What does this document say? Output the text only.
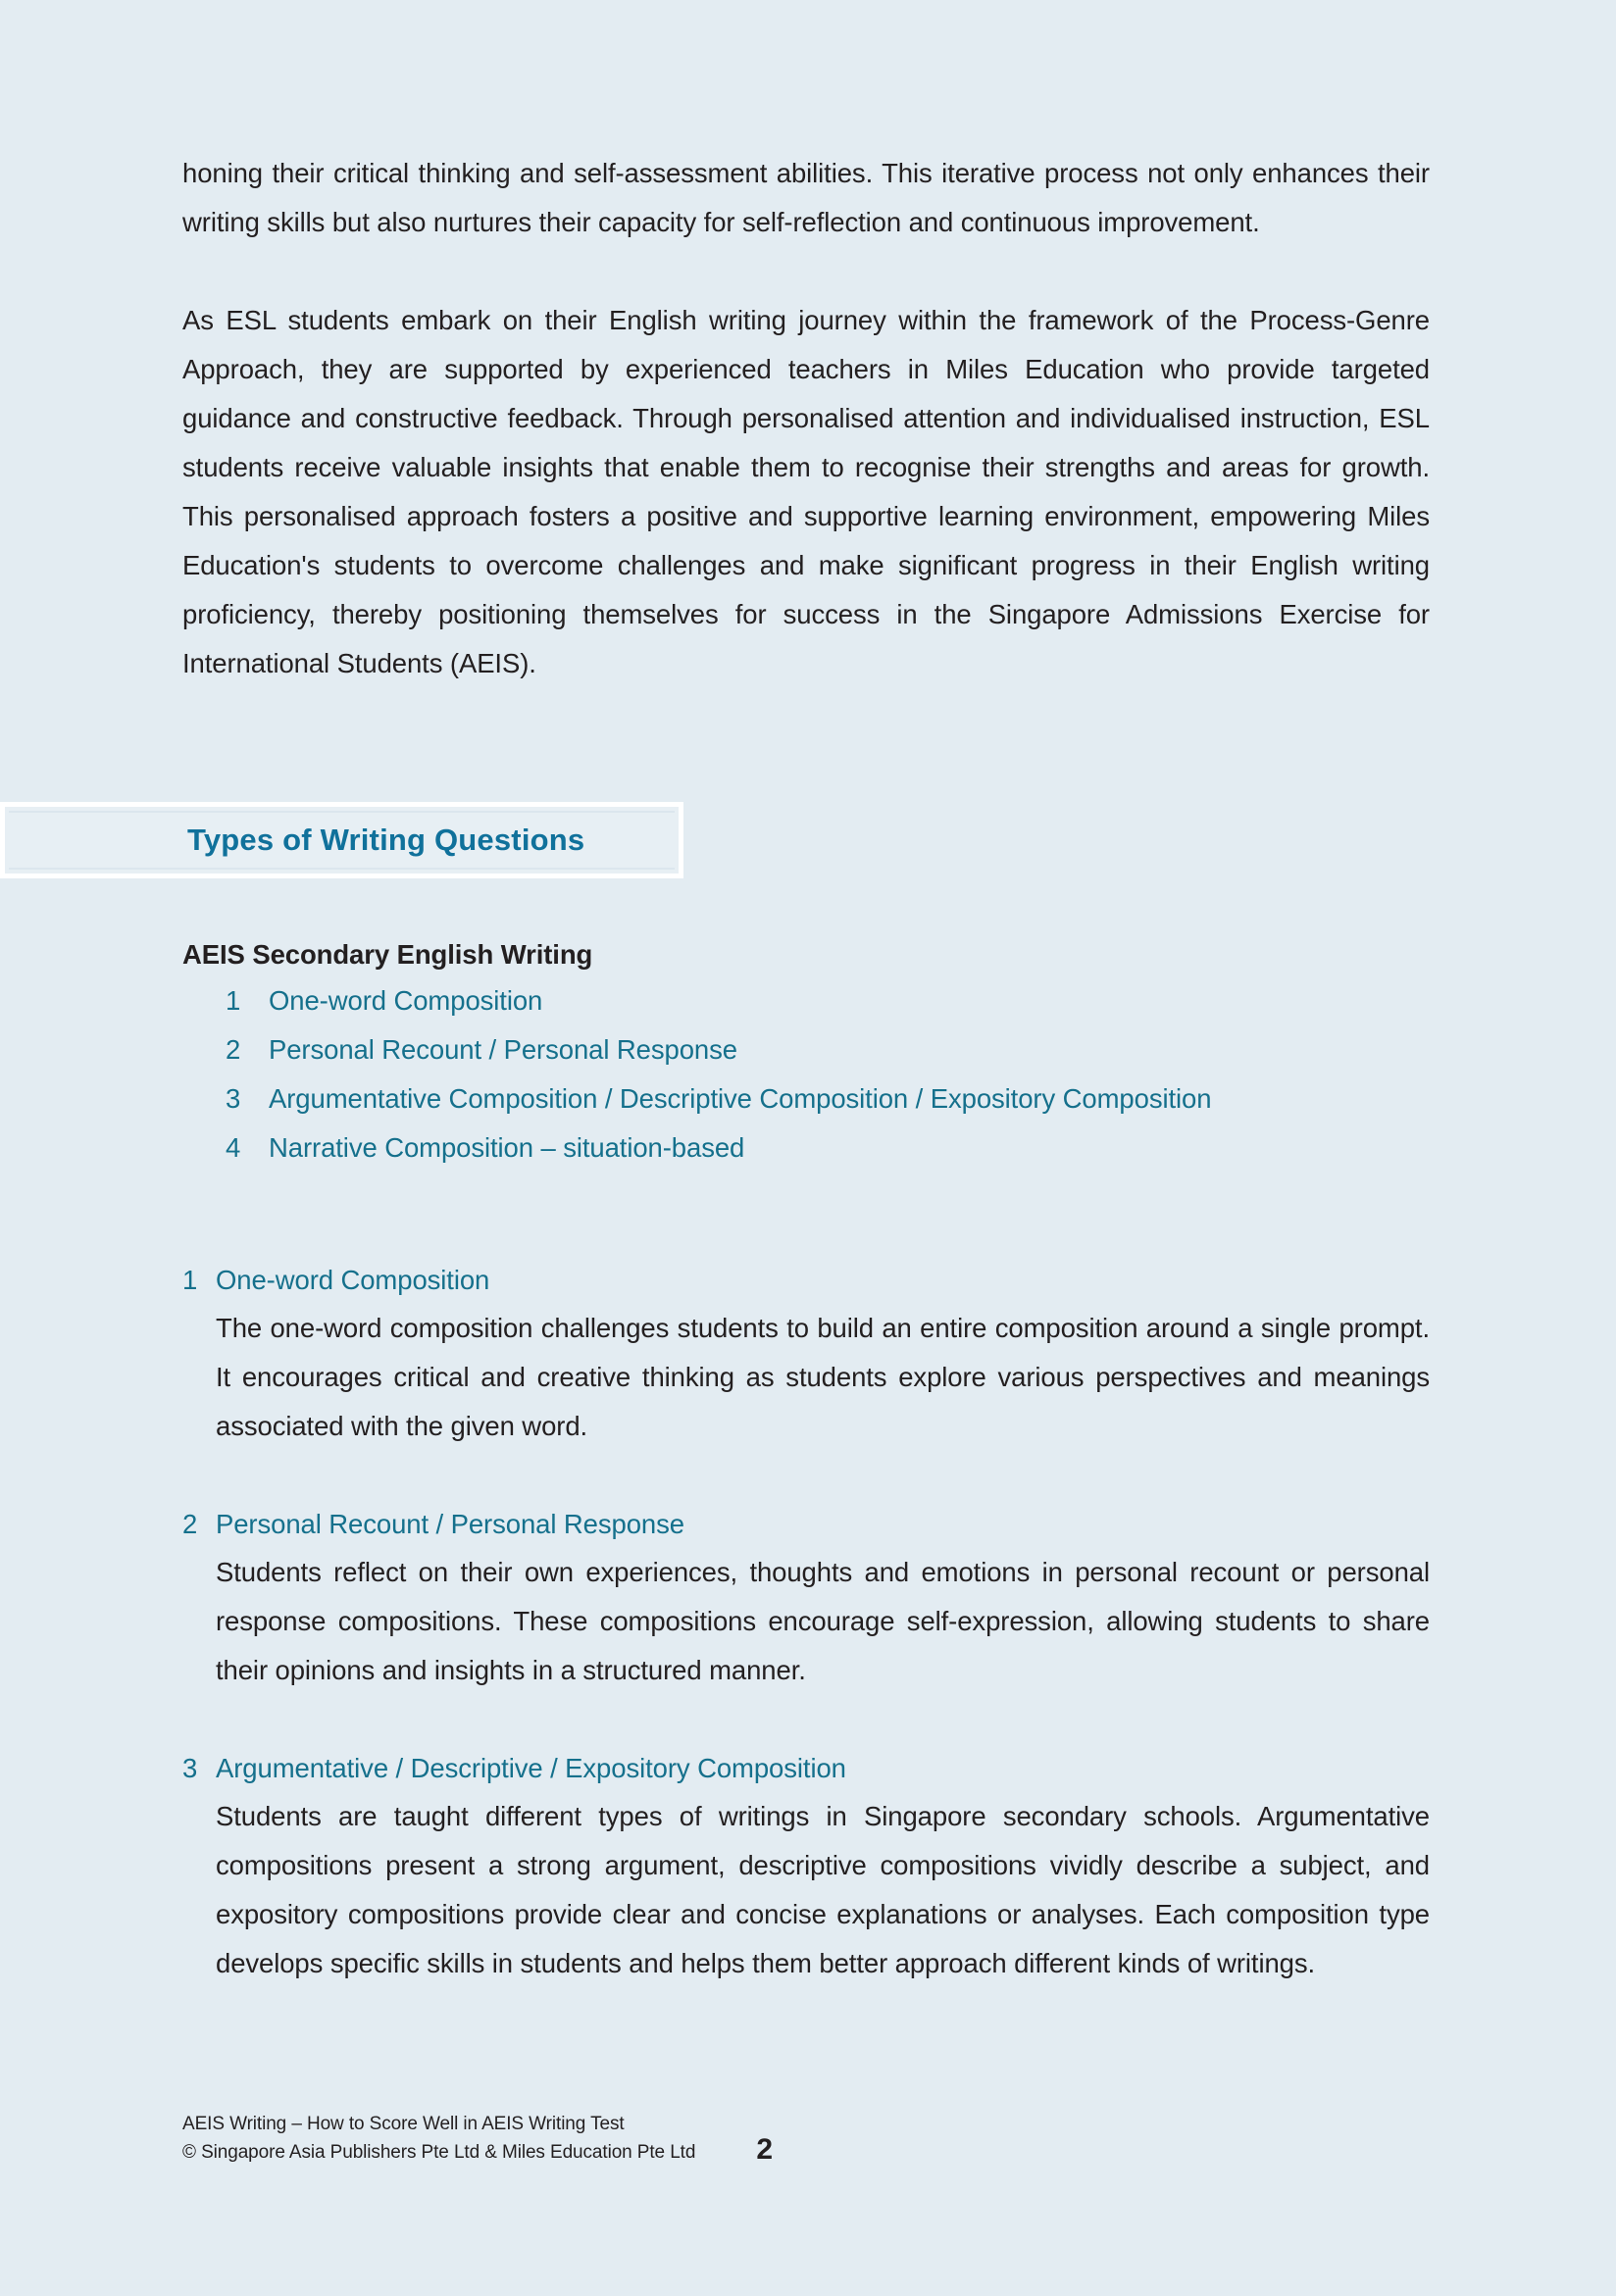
honing their critical thinking and self-assessment abilities. This iterative process not only enhances their writing skills but also nurtures their capacity for self-reflection and continuous improvement.

As ESL students embark on their English writing journey within the framework of the Process-Genre Approach, they are supported by experienced teachers in Miles Education who provide targeted guidance and constructive feedback. Through personalised attention and individualised instruction, ESL students receive valuable insights that enable them to recognise their strengths and areas for growth. This personalised approach fosters a positive and supportive learning environment, empowering Miles Education's students to overcome challenges and make significant progress in their English writing proficiency, thereby positioning themselves for success in the Singapore Admissions Exercise for International Students (AEIS).

Types of Writing Questions
AEIS Secondary English Writing
1	One-word Composition
2	Personal Recount / Personal Response
3	Argumentative Composition / Descriptive Composition / Expository Composition
4	Narrative Composition – situation-based
1 One-word Composition

The one-word composition challenges students to build an entire composition around a single prompt. It encourages critical and creative thinking as students explore various perspectives and meanings associated with the given word.

2 Personal Recount / Personal Response

Students reflect on their own experiences, thoughts and emotions in personal recount or personal response compositions. These compositions encourage self-expression, allowing students to share their opinions and insights in a structured manner.

3 Argumentative / Descriptive / Expository Composition

Students are taught different types of writings in Singapore secondary schools. Argumentative compositions present a strong argument, descriptive compositions vividly describe a subject, and expository compositions provide clear and concise explanations or analyses. Each composition type develops specific skills in students and helps them better approach different kinds of writings.

AEIS Writing – How to Score Well in AEIS Writing Test
© Singapore Asia Publishers Pte Ltd & Miles Education Pte Ltd 2
